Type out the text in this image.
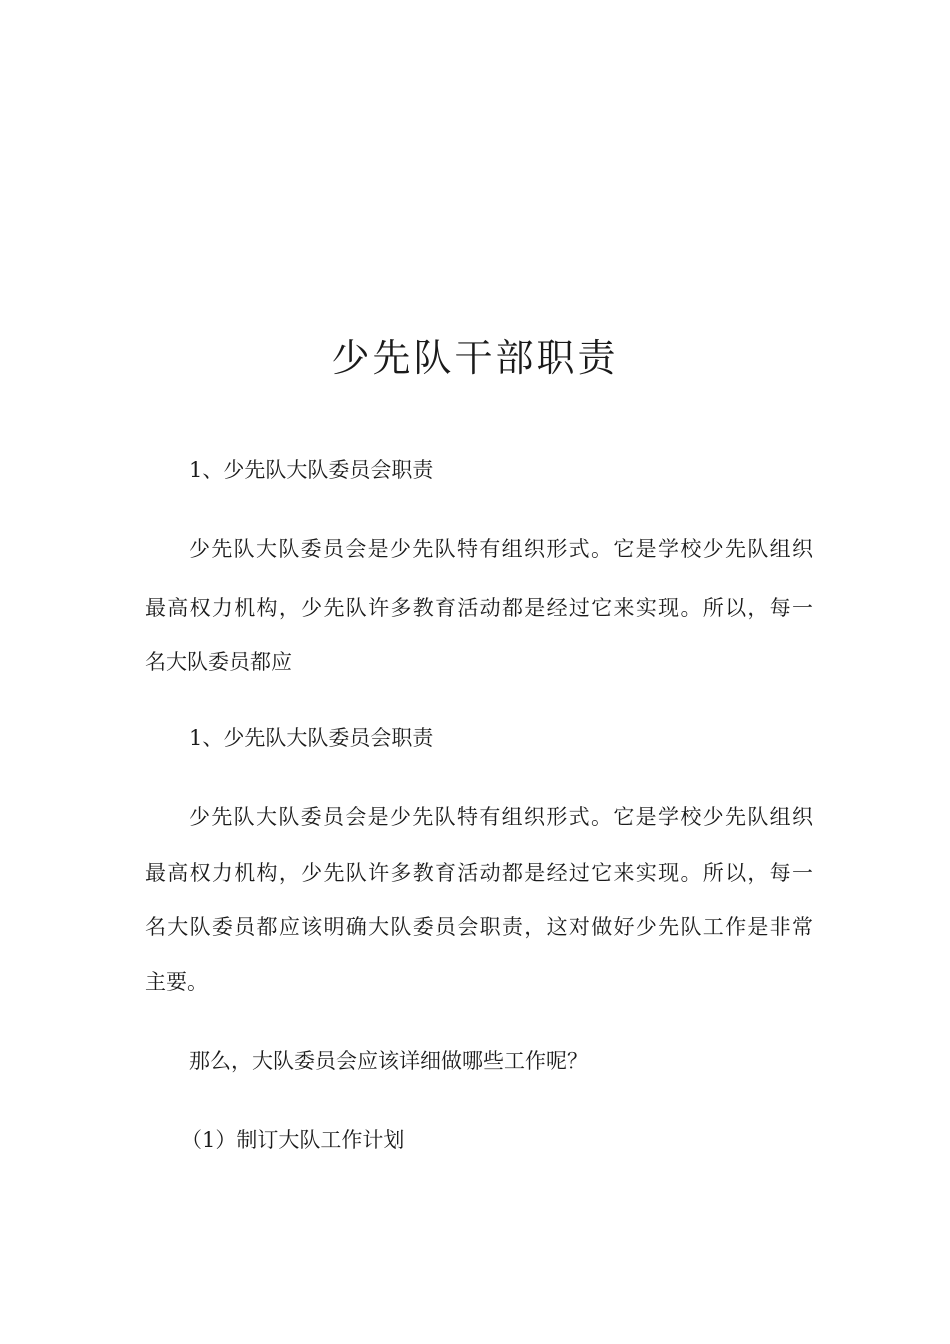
少先队干部职责

1、少先队大队委员会职责

少先队大队委员会是少先队特有组织形式。它是学校少先队组织

最高权力机构，少先队许多教育活动都是经过它来实现。所以，每一

名大队委员都应

1、少先队大队委员会职责

少先队大队委员会是少先队特有组织形式。它是学校少先队组织

最高权力机构，少先队许多教育活动都是经过它来实现。所以，每一

名大队委员都应该明确大队委员会职责，这对做好少先队工作是非常

主要。

那么，大队委员会应该详细做哪些工作呢？

（1）制订大队工作计划
